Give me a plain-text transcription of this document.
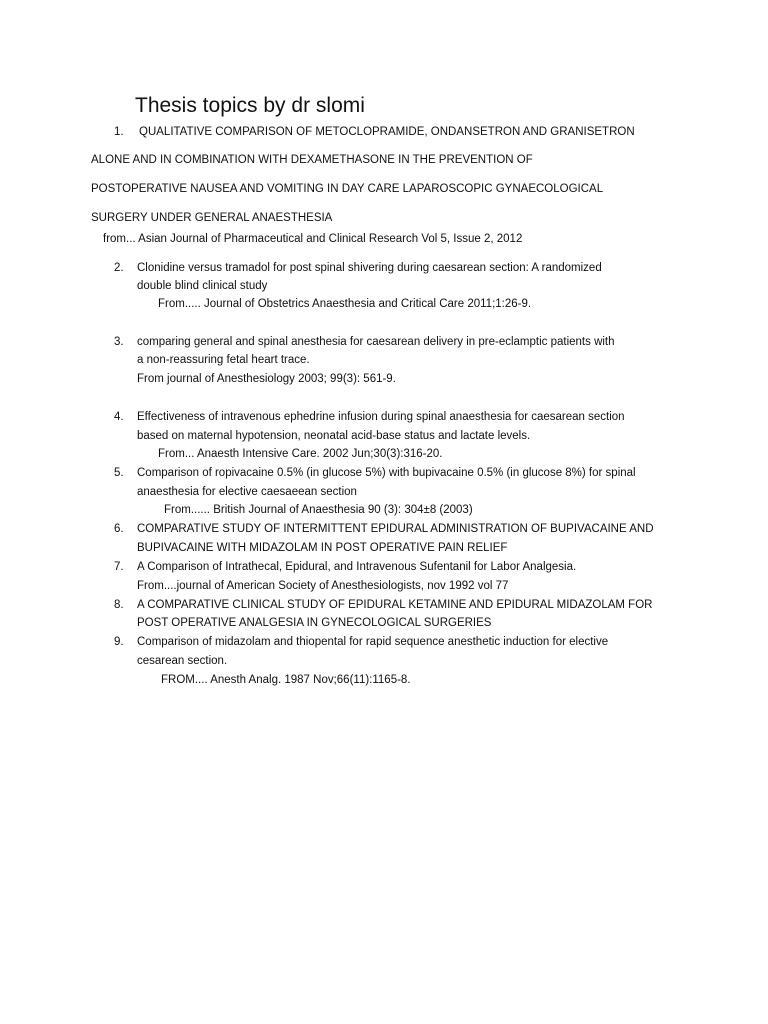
Thesis topics by dr slomi
1. QUALITATIVE COMPARISON OF METOCLOPRAMIDE, ONDANSETRON AND GRANISETRON
ALONE AND IN COMBINATION WITH DEXAMETHASONE IN THE PREVENTION OF
POSTOPERATIVE NAUSEA AND VOMITING IN DAY CARE LAPAROSCOPIC GYNAECOLOGICAL
SURGERY UNDER GENERAL ANAESTHESIA
from... Asian Journal of Pharmaceutical and Clinical Research Vol 5, Issue 2, 2012
2. Clonidine versus tramadol for post spinal shivering during caesarean section: A randomized
double blind clinical study
From..... Journal of Obstetrics Anaesthesia and Critical Care 2011;1:26-9.
3. comparing general and spinal anesthesia for caesarean delivery in pre-eclamptic patients with
a non-reassuring fetal heart trace.
From journal of Anesthesiology 2003; 99(3): 561-9.
4. Effectiveness of intravenous ephedrine infusion during spinal anaesthesia for caesarean section
based on maternal hypotension, neonatal acid-base status and lactate levels.
From... Anaesth Intensive Care. 2002 Jun;30(3):316-20.
5. Comparison of ropivacaine 0.5% (in glucose 5%) with bupivacaine 0.5% (in glucose 8%) for spinal
anaesthesia for elective caesaeean section
From...... British Journal of Anaesthesia 90 (3): 304±8 (2003)
6. COMPARATIVE STUDY OF INTERMITTENT EPIDURAL ADMINISTRATION OF BUPIVACAINE AND
BUPIVACAINE WITH MIDAZOLAM IN POST OPERATIVE PAIN RELIEF
7. A Comparison of Intrathecal, Epidural, and Intravenous Sufentanil for Labor Analgesia.
From....journal of American Society of Anesthesiologists, nov 1992 vol 77
8. A COMPARATIVE CLINICAL STUDY OF EPIDURAL KETAMINE AND EPIDURAL MIDAZOLAM FOR
POST OPERATIVE ANALGESIA IN GYNECOLOGICAL SURGERIES
9. Comparison of midazolam and thiopental for rapid sequence anesthetic induction for elective
cesarean section.
FROM.... Anesth Analg. 1987 Nov;66(11):1165-8.
